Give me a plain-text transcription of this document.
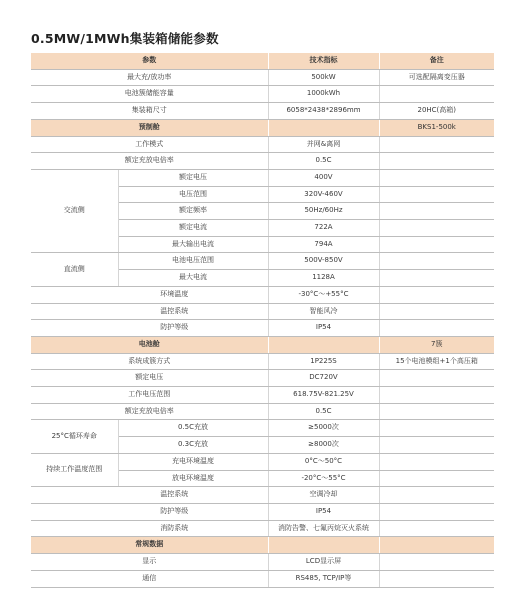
0.5MW/1MWh集装箱储能参数
参数		技术指标	备注
最大充/放功率		500kW	可选配隔离变压器
电池簇储能容量		1000kWh	
集装箱尺寸		6058*2438*2896mm	20HC(高箱)
预制舱			BKS1-500k
工作模式		并网&离网	
额定充放电倍率		0.5C	
交流侧	额定电压	400V	
	电压范围	320V-460V	
	额定频率	50Hz/60Hz	
	额定电流	722A	
	最大输出电流	794A	
直流侧	电池电压范围	500V-850V	
	最大电流	1128A	
环境温度		-30°C～+55°C	
温控系统		智能风冷	
防护等级		IP54	
电池舱			7簇
系统成簇方式		1P225S	15个电池模组+1个高压箱
额定电压		DC720V	
工作电压范围		618.75V-821.25V	
额定充放电倍率		0.5C	
25°C循环寿命	0.5C充放	≥5000次	
	0.3C充放	≥8000次	
持续工作温度范围	充电环境温度	0°C～50°C	
	放电环境温度	-20°C～55°C	
温控系统		空调冷却	
防护等级		IP54	
消防系统		消防告警、七氟丙烷灭火系统	
常规数据			
显示		LCD显示屏	
通信		RS485, TCP/IP等	
